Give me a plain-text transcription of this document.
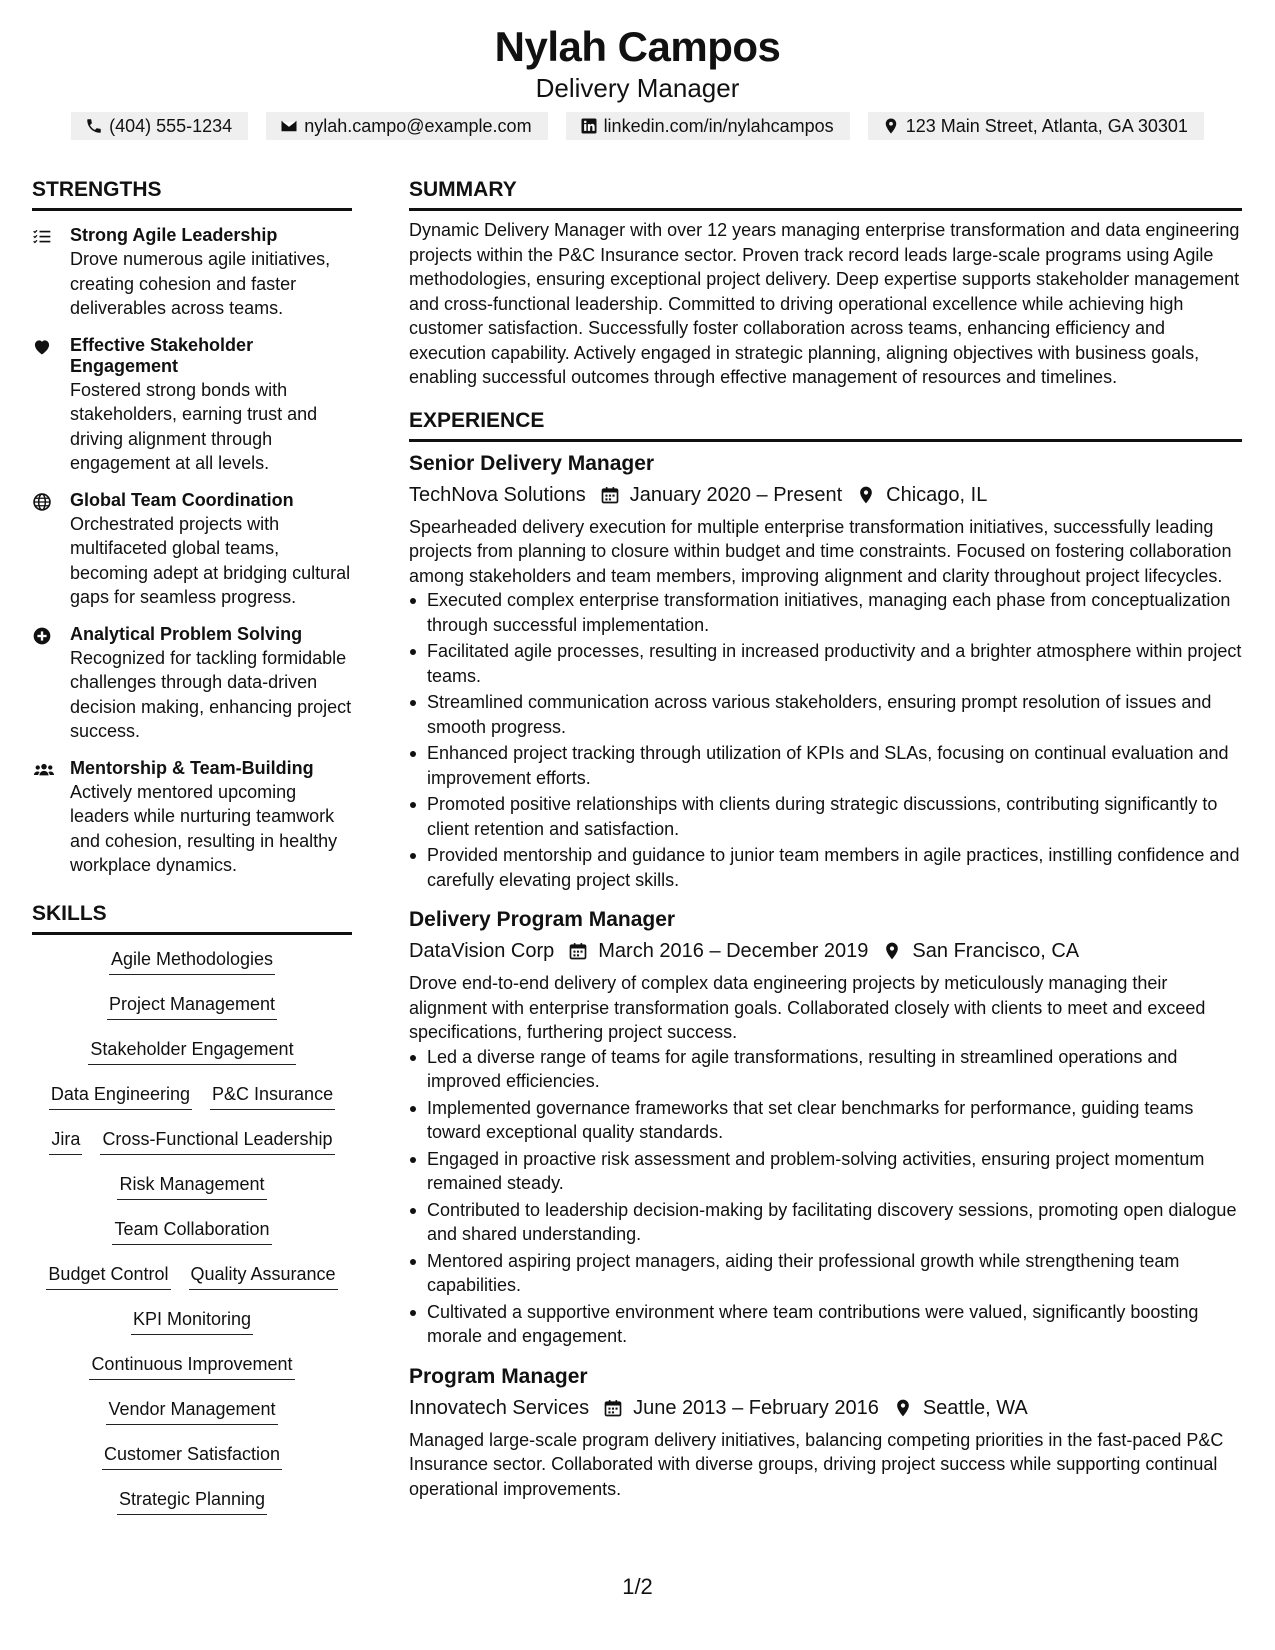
Nylah Campos
Delivery Manager
(404) 555-1234	nylah.campo@example.com	linkedin.com/in/nylahcampos	123 Main Street, Atlanta, GA 30301
STRENGTHS
Strong Agile Leadership
Drove numerous agile initiatives, creating cohesion and faster deliverables across teams.
Effective Stakeholder Engagement
Fostered strong bonds with stakeholders, earning trust and driving alignment through engagement at all levels.
Global Team Coordination
Orchestrated projects with multifaceted global teams, becoming adept at bridging cultural gaps for seamless progress.
Analytical Problem Solving
Recognized for tackling formidable challenges through data-driven decision making, enhancing project success.
Mentorship & Team-Building
Actively mentored upcoming leaders while nurturing teamwork and cohesion, resulting in healthy workplace dynamics.
SKILLS
Agile Methodologies
Project Management
Stakeholder Engagement
Data Engineering P&C Insurance
Jira Cross-Functional Leadership
Risk Management
Team Collaboration
Budget Control Quality Assurance
KPI Monitoring
Continuous Improvement
Vendor Management
Customer Satisfaction
Strategic Planning
SUMMARY
Dynamic Delivery Manager with over 12 years managing enterprise transformation and data engineering projects within the P&C Insurance sector. Proven track record leads large-scale programs using Agile methodologies, ensuring exceptional project delivery. Deep expertise supports stakeholder management and cross-functional leadership. Committed to driving operational excellence while achieving high customer satisfaction. Successfully foster collaboration across teams, enhancing efficiency and execution capability. Actively engaged in strategic planning, aligning objectives with business goals, enabling successful outcomes through effective management of resources and timelines.
EXPERIENCE
Senior Delivery Manager
TechNova Solutions January 2020 – Present Chicago, IL
Spearheaded delivery execution for multiple enterprise transformation initiatives, successfully leading projects from planning to closure within budget and time constraints. Focused on fostering collaboration among stakeholders and team members, improving alignment and clarity throughout project lifecycles.
Executed complex enterprise transformation initiatives, managing each phase from conceptualization through successful implementation.
Facilitated agile processes, resulting in increased productivity and a brighter atmosphere within project teams.
Streamlined communication across various stakeholders, ensuring prompt resolution of issues and smooth progress.
Enhanced project tracking through utilization of KPIs and SLAs, focusing on continual evaluation and improvement efforts.
Promoted positive relationships with clients during strategic discussions, contributing significantly to client retention and satisfaction.
Provided mentorship and guidance to junior team members in agile practices, instilling confidence and carefully elevating project skills.
Delivery Program Manager
DataVision Corp March 2016 – December 2019 San Francisco, CA
Drove end-to-end delivery of complex data engineering projects by meticulously managing their alignment with enterprise transformation goals. Collaborated closely with clients to meet and exceed specifications, furthering project success.
Led a diverse range of teams for agile transformations, resulting in streamlined operations and improved efficiencies.
Implemented governance frameworks that set clear benchmarks for performance, guiding teams toward exceptional quality standards.
Engaged in proactive risk assessment and problem-solving activities, ensuring project momentum remained steady.
Contributed to leadership decision-making by facilitating discovery sessions, promoting open dialogue and shared understanding.
Mentored aspiring project managers, aiding their professional growth while strengthening team capabilities.
Cultivated a supportive environment where team contributions were valued, significantly boosting morale and engagement.
Program Manager
Innovatech Services June 2013 – February 2016 Seattle, WA
Managed large-scale program delivery initiatives, balancing competing priorities in the fast-paced P&C Insurance sector. Collaborated with diverse groups, driving project success while supporting continual operational improvements.
1/2
